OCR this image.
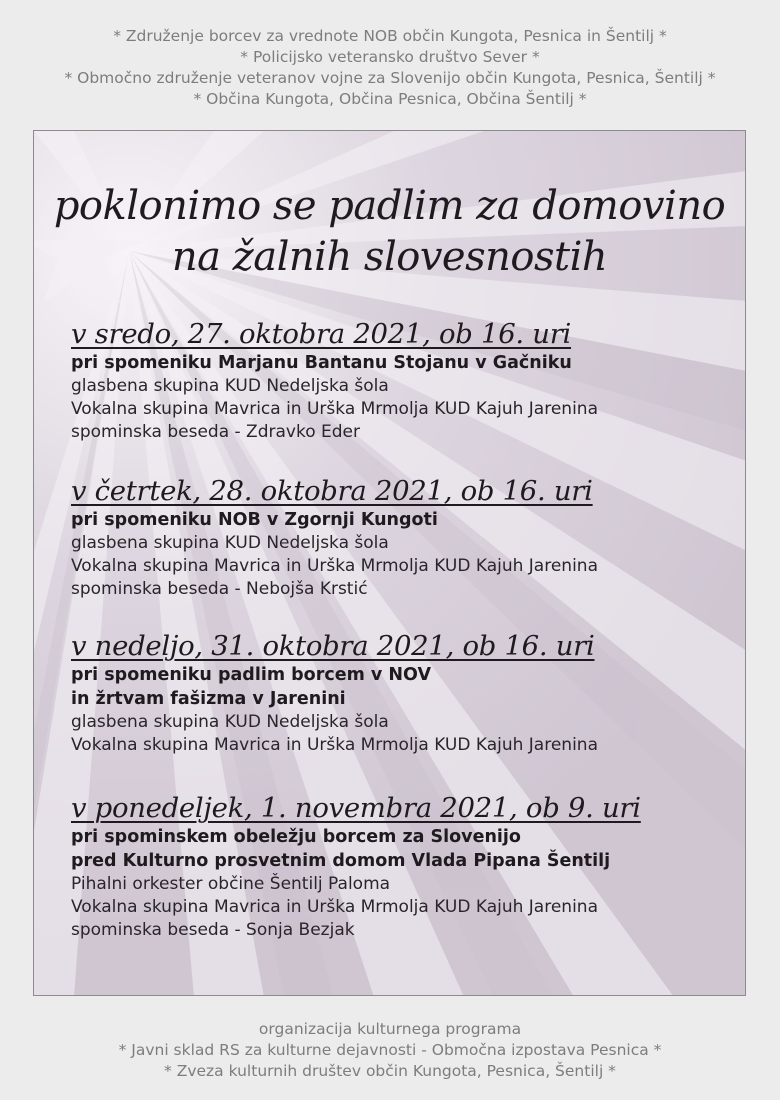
* Združenje borcev za vrednote NOB občin Kungota, Pesnica in Šentilj *
* Policijsko veteransko društvo Sever *
* Območno združenje veteranov vojne za Slovenijo občin Kungota, Pesnica, Šentilj *
* Občina Kungota, Občina Pesnica, Občina Šentilj *
poklonimo se padlim za domovino
na žalnih slovesnostih
v sredo, 27. oktobra 2021, ob 16. uri
pri spomeniku Marjanu Bantanu Stojanu v Gačniku
glasbena skupina KUD Nedeljska šola
Vokalna skupina Mavrica in Urška Mrmolja KUD Kajuh Jarenina
spominska beseda - Zdravko Eder
v četrtek, 28. oktobra 2021, ob 16. uri
pri spomeniku NOB v Zgornji Kungoti
glasbena skupina KUD Nedeljska šola
Vokalna skupina Mavrica in Urška Mrmolja KUD Kajuh Jarenina
spominska beseda - Nebojša Krstić
v nedeljo, 31. oktobra 2021, ob 16. uri
pri spomeniku padlim borcem v NOV
in žrtvam fašizma v Jarenini
glasbena skupina KUD Nedeljska šola
Vokalna skupina Mavrica in Urška Mrmolja KUD Kajuh Jarenina
v ponedeljek, 1. novembra 2021, ob 9. uri
pri spominskem obeležju borcem za Slovenijo
pred Kulturno prosvetnim domom Vlada Pipana Šentilj
Pihalni orkester občine Šentilj Paloma
Vokalna skupina Mavrica in Urška Mrmolja KUD Kajuh Jarenina
spominska beseda - Sonja Bezjak
organizacija kulturnega programa
* Javni sklad RS za kulturne dejavnosti - Območna izpostava Pesnica *
* Zveza kulturnih društev občin Kungota, Pesnica, Šentilj *
